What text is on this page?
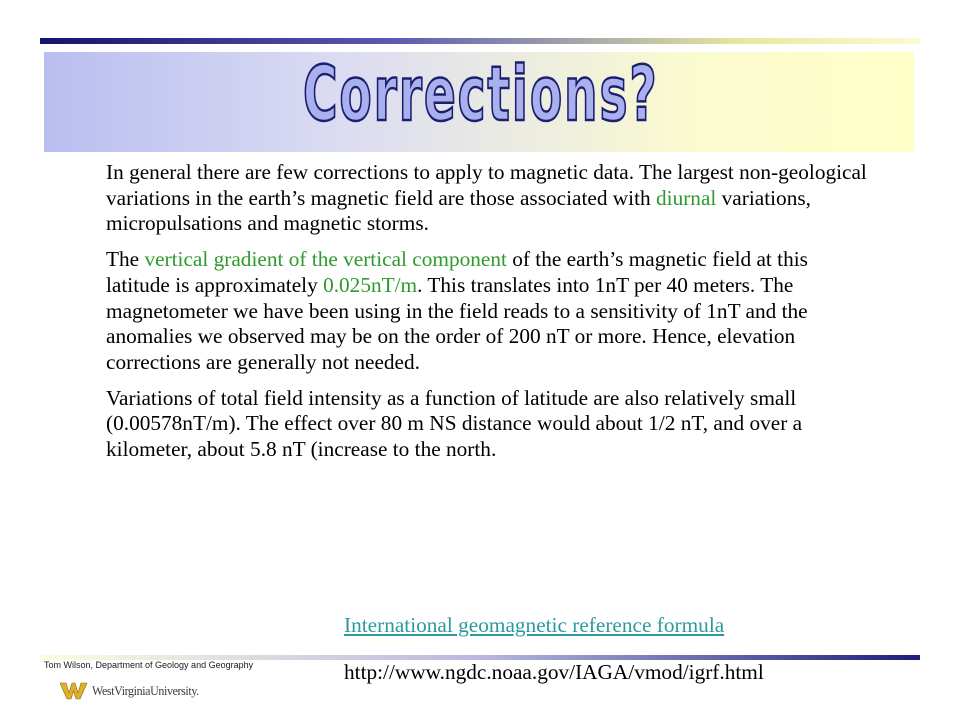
Corrections?

In general there are few corrections to apply to magnetic data. The largest non-geological variations in the earth’s magnetic field are those associated with diurnal variations, micropulsations and magnetic storms.

The vertical gradient of the vertical component of the earth’s magnetic field at this latitude is approximately 0.025nT/m. This translates into 1nT per 40 meters. The magnetometer we have been using in the field reads to a sensitivity of 1nT and the anomalies we observed may be on the order of 200 nT or more. Hence, elevation corrections are generally not needed.

Variations of total field intensity as a function of latitude are also relatively small (0.00578nT/m). The effect over 80 m NS distance would about 1/2 nT, and over a kilometer, about 5.8 nT (increase to the north.

International geomagnetic reference formula
http://www.ngdc.noaa.gov/IAGA/vmod/igrf.html
Tom Wilson, Department of Geology and Geography
WestVirginiaUniversity.
